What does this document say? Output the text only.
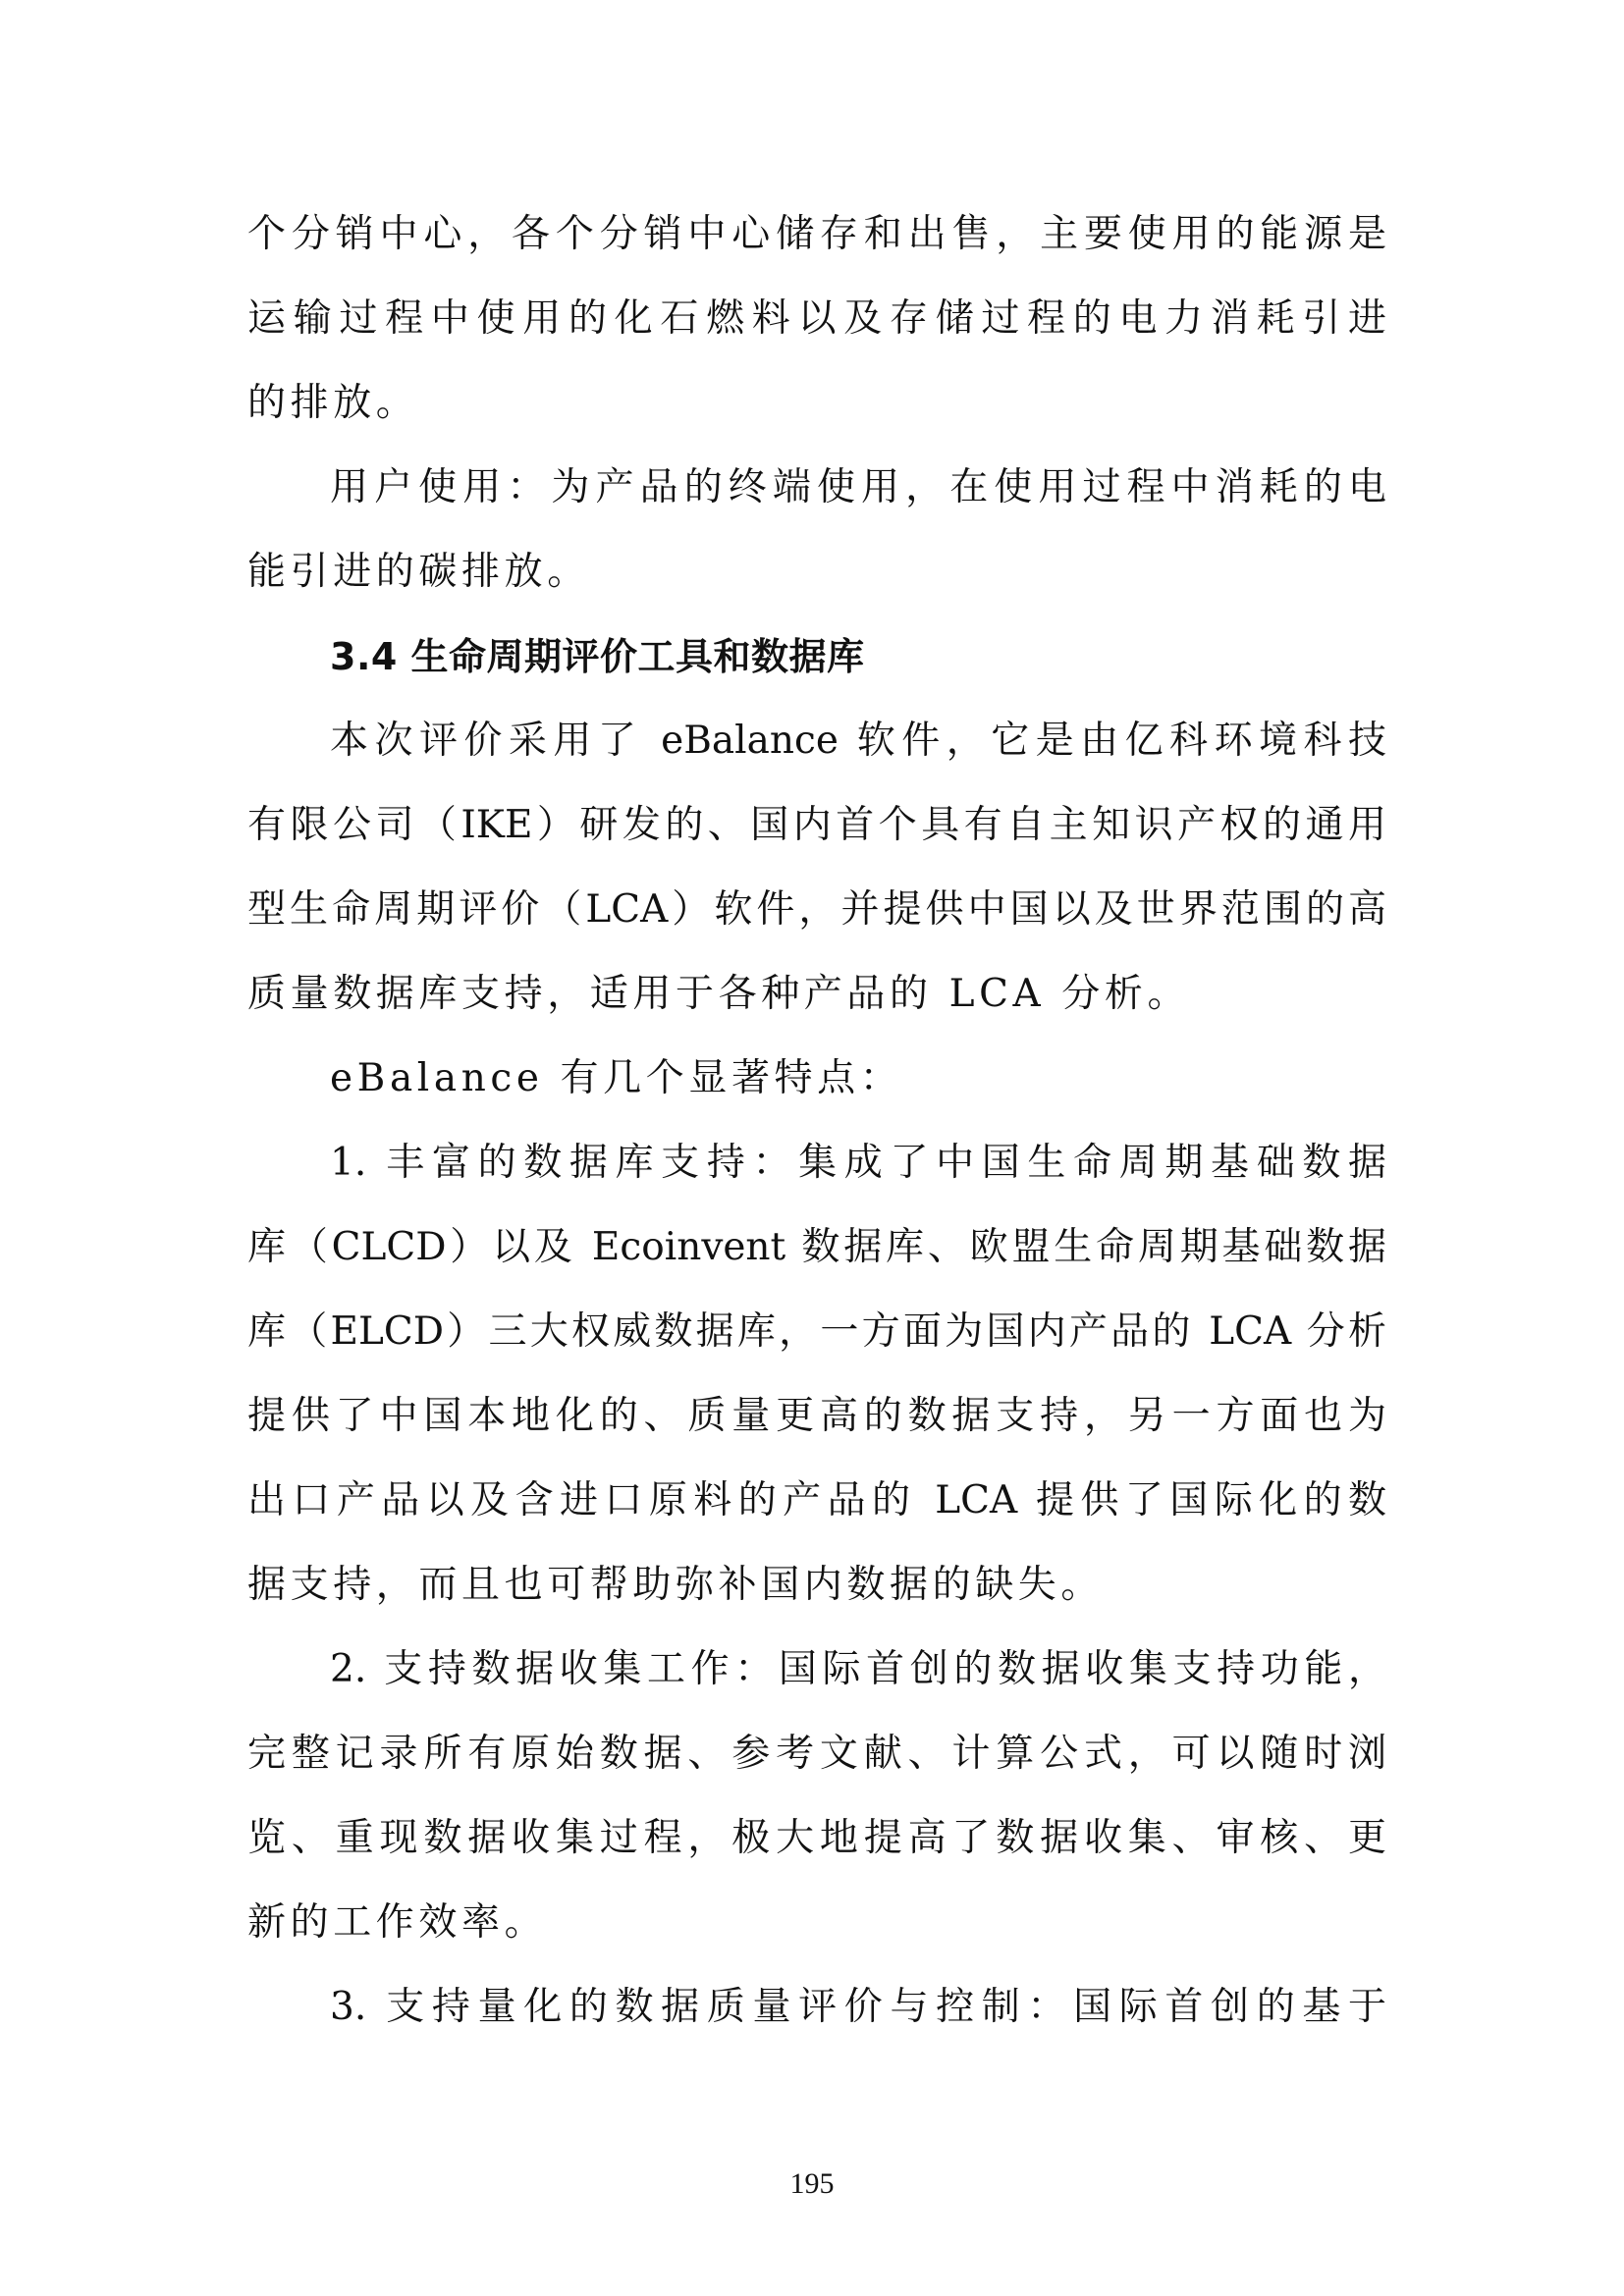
个分销中心，各个分销中心储存和出售，主要使用的能源是
运输过程中使用的化石燃料以及存储过程的电力消耗引进
的排放。
用户使用：为产品的终端使用，在使用过程中消耗的电
能引进的碳排放。
3.4 生命周期评价工具和数据库
本次评价采用了 eBalance 软件，它是由亿科环境科技
有限公司（IKE）研发的、国内首个具有自主知识产权的通用
型生命周期评价（LCA）软件，并提供中国以及世界范围的高
质量数据库支持，适用于各种产品的 LCA 分析。
eBalance 有几个显著特点：
1. 丰富的数据库支持：集成了中国生命周期基础数据
库（CLCD）以及 Ecoinvent 数据库、欧盟生命周期基础数据
库（ELCD）三大权威数据库，一方面为国内产品的 LCA 分析
提供了中国本地化的、质量更高的数据支持，另一方面也为
出口产品以及含进口原料的产品的 LCA 提供了国际化的数
据支持，而且也可帮助弥补国内数据的缺失。
2. 支持数据收集工作：国际首创的数据收集支持功能，
完整记录所有原始数据、参考文献、计算公式，可以随时浏
览、重现数据收集过程，极大地提高了数据收集、审核、更
新的工作效率。
3. 支持量化的数据质量评价与控制：国际首创的基于
195
